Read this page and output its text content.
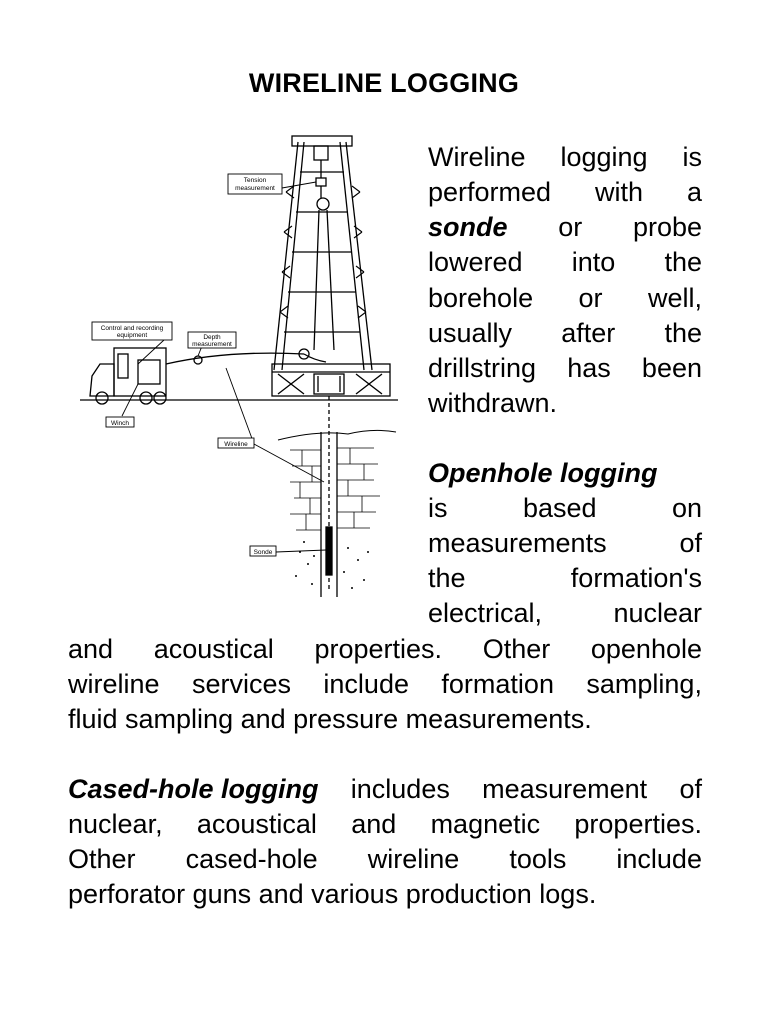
WIRELINE LOGGING
Tension
measurement
Control and recording
equipment	Depth
measurement
Winch
Wireline
Sonde
Wireline logging is
performed with a
sonde or probe
lowered into the
borehole or well,
usually after the
drillstring has been
withdrawn.
Openhole logging
is	based	on
measurements	of
the	formation's
electrical,	nuclear
and acoustical properties. Other openhole
wireline services include formation sampling,
fluid sampling and pressure measurements.
Cased-hole logging includes measurement of
nuclear, acoustical and magnetic properties.
Other cased-hole wireline tools include
perforator guns and various production logs.
